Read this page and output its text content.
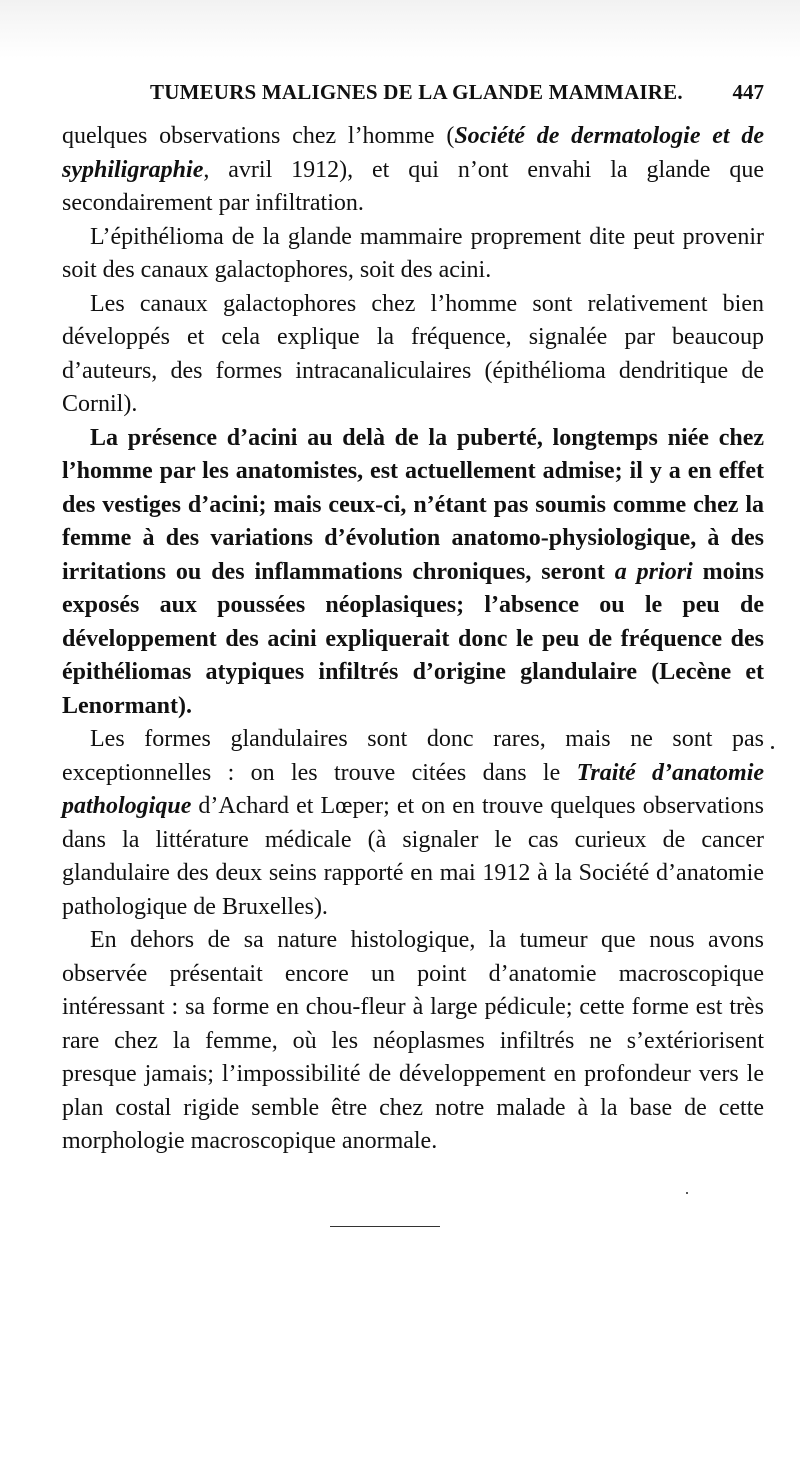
TUMEURS MALIGNES DE LA GLANDE MAMMAIRE. 447

quelques observations chez l’homme (Société de dermatologie et de syphiligraphie, avril 1912), et qui n’ont envahi la glande que secondairement par infiltration.

L’épithélioma de la glande mammaire proprement dite peut provenir soit des canaux galactophores, soit des acini.

Les canaux galactophores chez l’homme sont relativement bien développés et cela explique la fréquence, signalée par beaucoup d’auteurs, des formes intracanaliculaires (épithélioma dendritique de Cornil).

La présence d’acini au delà de la puberté, longtemps niée chez l’homme par les anatomistes, est actuellement admise; il y a en effet des vestiges d’acini; mais ceux-ci, n’étant pas soumis comme chez la femme à des variations d’évolution anatomo-physiologique, à des irritations ou des inflammations chroniques, seront a priori moins exposés aux poussées néoplasiques; l’absence ou le peu de développement des acini expliquerait donc le peu de fréquence des épithéliomas atypiques infiltrés d’origine glandulaire (Lecène et Lenormant).

Les formes glandulaires sont donc rares, mais ne sont pas exceptionnelles : on les trouve citées dans le Traité d’anatomie pathologique d’Achard et Lœper; et on en trouve quelques observations dans la littérature médicale (à signaler le cas curieux de cancer glandulaire des deux seins rapporté en mai 1912 à la Société d’anatomie pathologique de Bruxelles).

En dehors de sa nature histologique, la tumeur que nous avons observée présentait encore un point d’anatomie macroscopique intéressant : sa forme en chou-fleur à large pédicule; cette forme est très rare chez la femme, où les néoplasmes infiltrés ne s’extériorisent presque jamais; l’impossibilité de développement en profondeur vers le plan costal rigide semble être chez notre malade à la base de cette morphologie macroscopique anormale.
